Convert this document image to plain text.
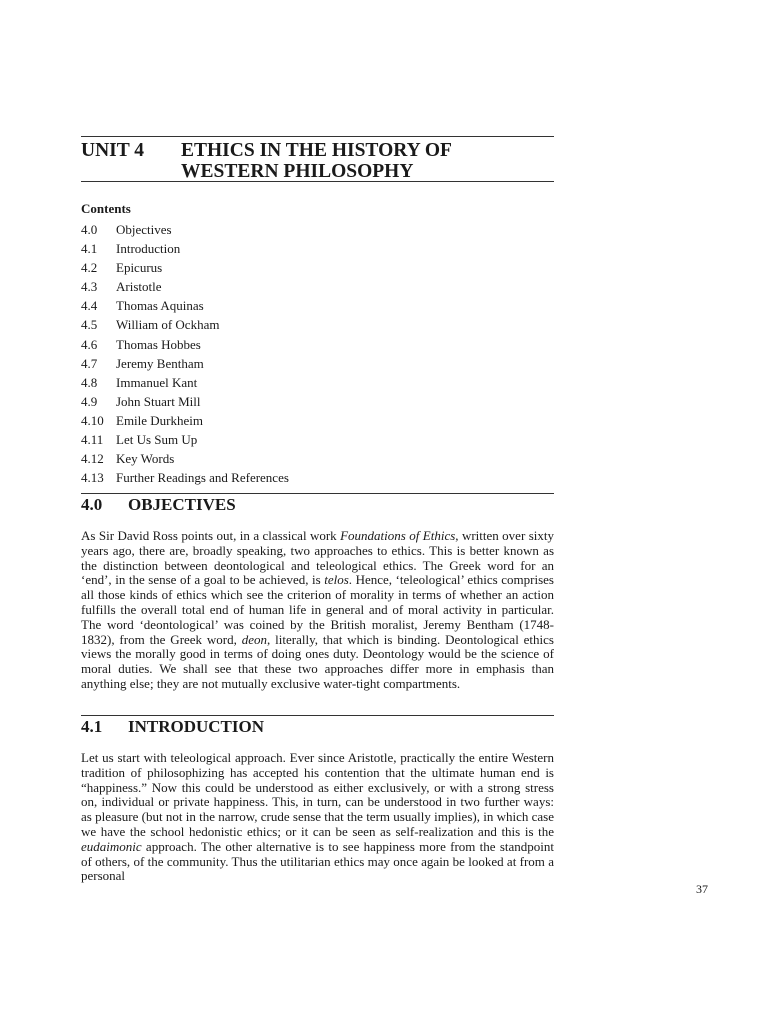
UNIT 4 ETHICS IN THE HISTORY OF
WESTERN PHILOSOPHY
Contents
4.0 Objectives
4.1 Introduction
4.2 Epicurus
4.3 Aristotle
4.4 Thomas Aquinas
4.5 William of Ockham
4.6 Thomas Hobbes
4.7 Jeremy Bentham
4.8 Immanuel Kant
4.9 John Stuart Mill
4.10 Emile Durkheim
4.11 Let Us Sum Up
4.12 Key Words
4.13 Further Readings and References
4.0 OBJECTIVES

As Sir David Ross points out, in a classical work Foundations of Ethics, written over sixty years ago, there are, broadly speaking, two approaches to ethics. This is better known as the distinction between deontological and teleological ethics. The Greek word for an ‘end’, in the sense of a goal to be achieved, is telos. Hence, ‘teleological’ ethics comprises all those kinds of ethics which see the criterion of morality in terms of whether an action fulfills the overall total end of human life in general and of moral activity in particular. The word ‘deontological’ was coined by the British moralist, Jeremy Bentham (1748-1832), from the Greek word, deon, literally, that which is binding. Deontological ethics views the morally good in terms of doing ones duty. Deontology would be the science of moral duties. We shall see that these two approaches differ more in emphasis than anything else; they are not mutually exclusive water-tight compartments.

4.1 INTRODUCTION

Let us start with teleological approach. Ever since Aristotle, practically the entire Western tradition of philosophizing has accepted his contention that the ultimate human end is “happiness.” Now this could be understood as either exclusively, or with a strong stress on, individual or private happiness. This, in turn, can be understood in two further ways: as pleasure (but not in the narrow, crude sense that the term usually implies), in which case we have the school hedonistic ethics; or it can be seen as self-realization and this is the eudaimonic approach. The other alternative is to see happiness more from the standpoint of others, of the community. Thus the utilitarian ethics may once again be looked at from a personal

37
